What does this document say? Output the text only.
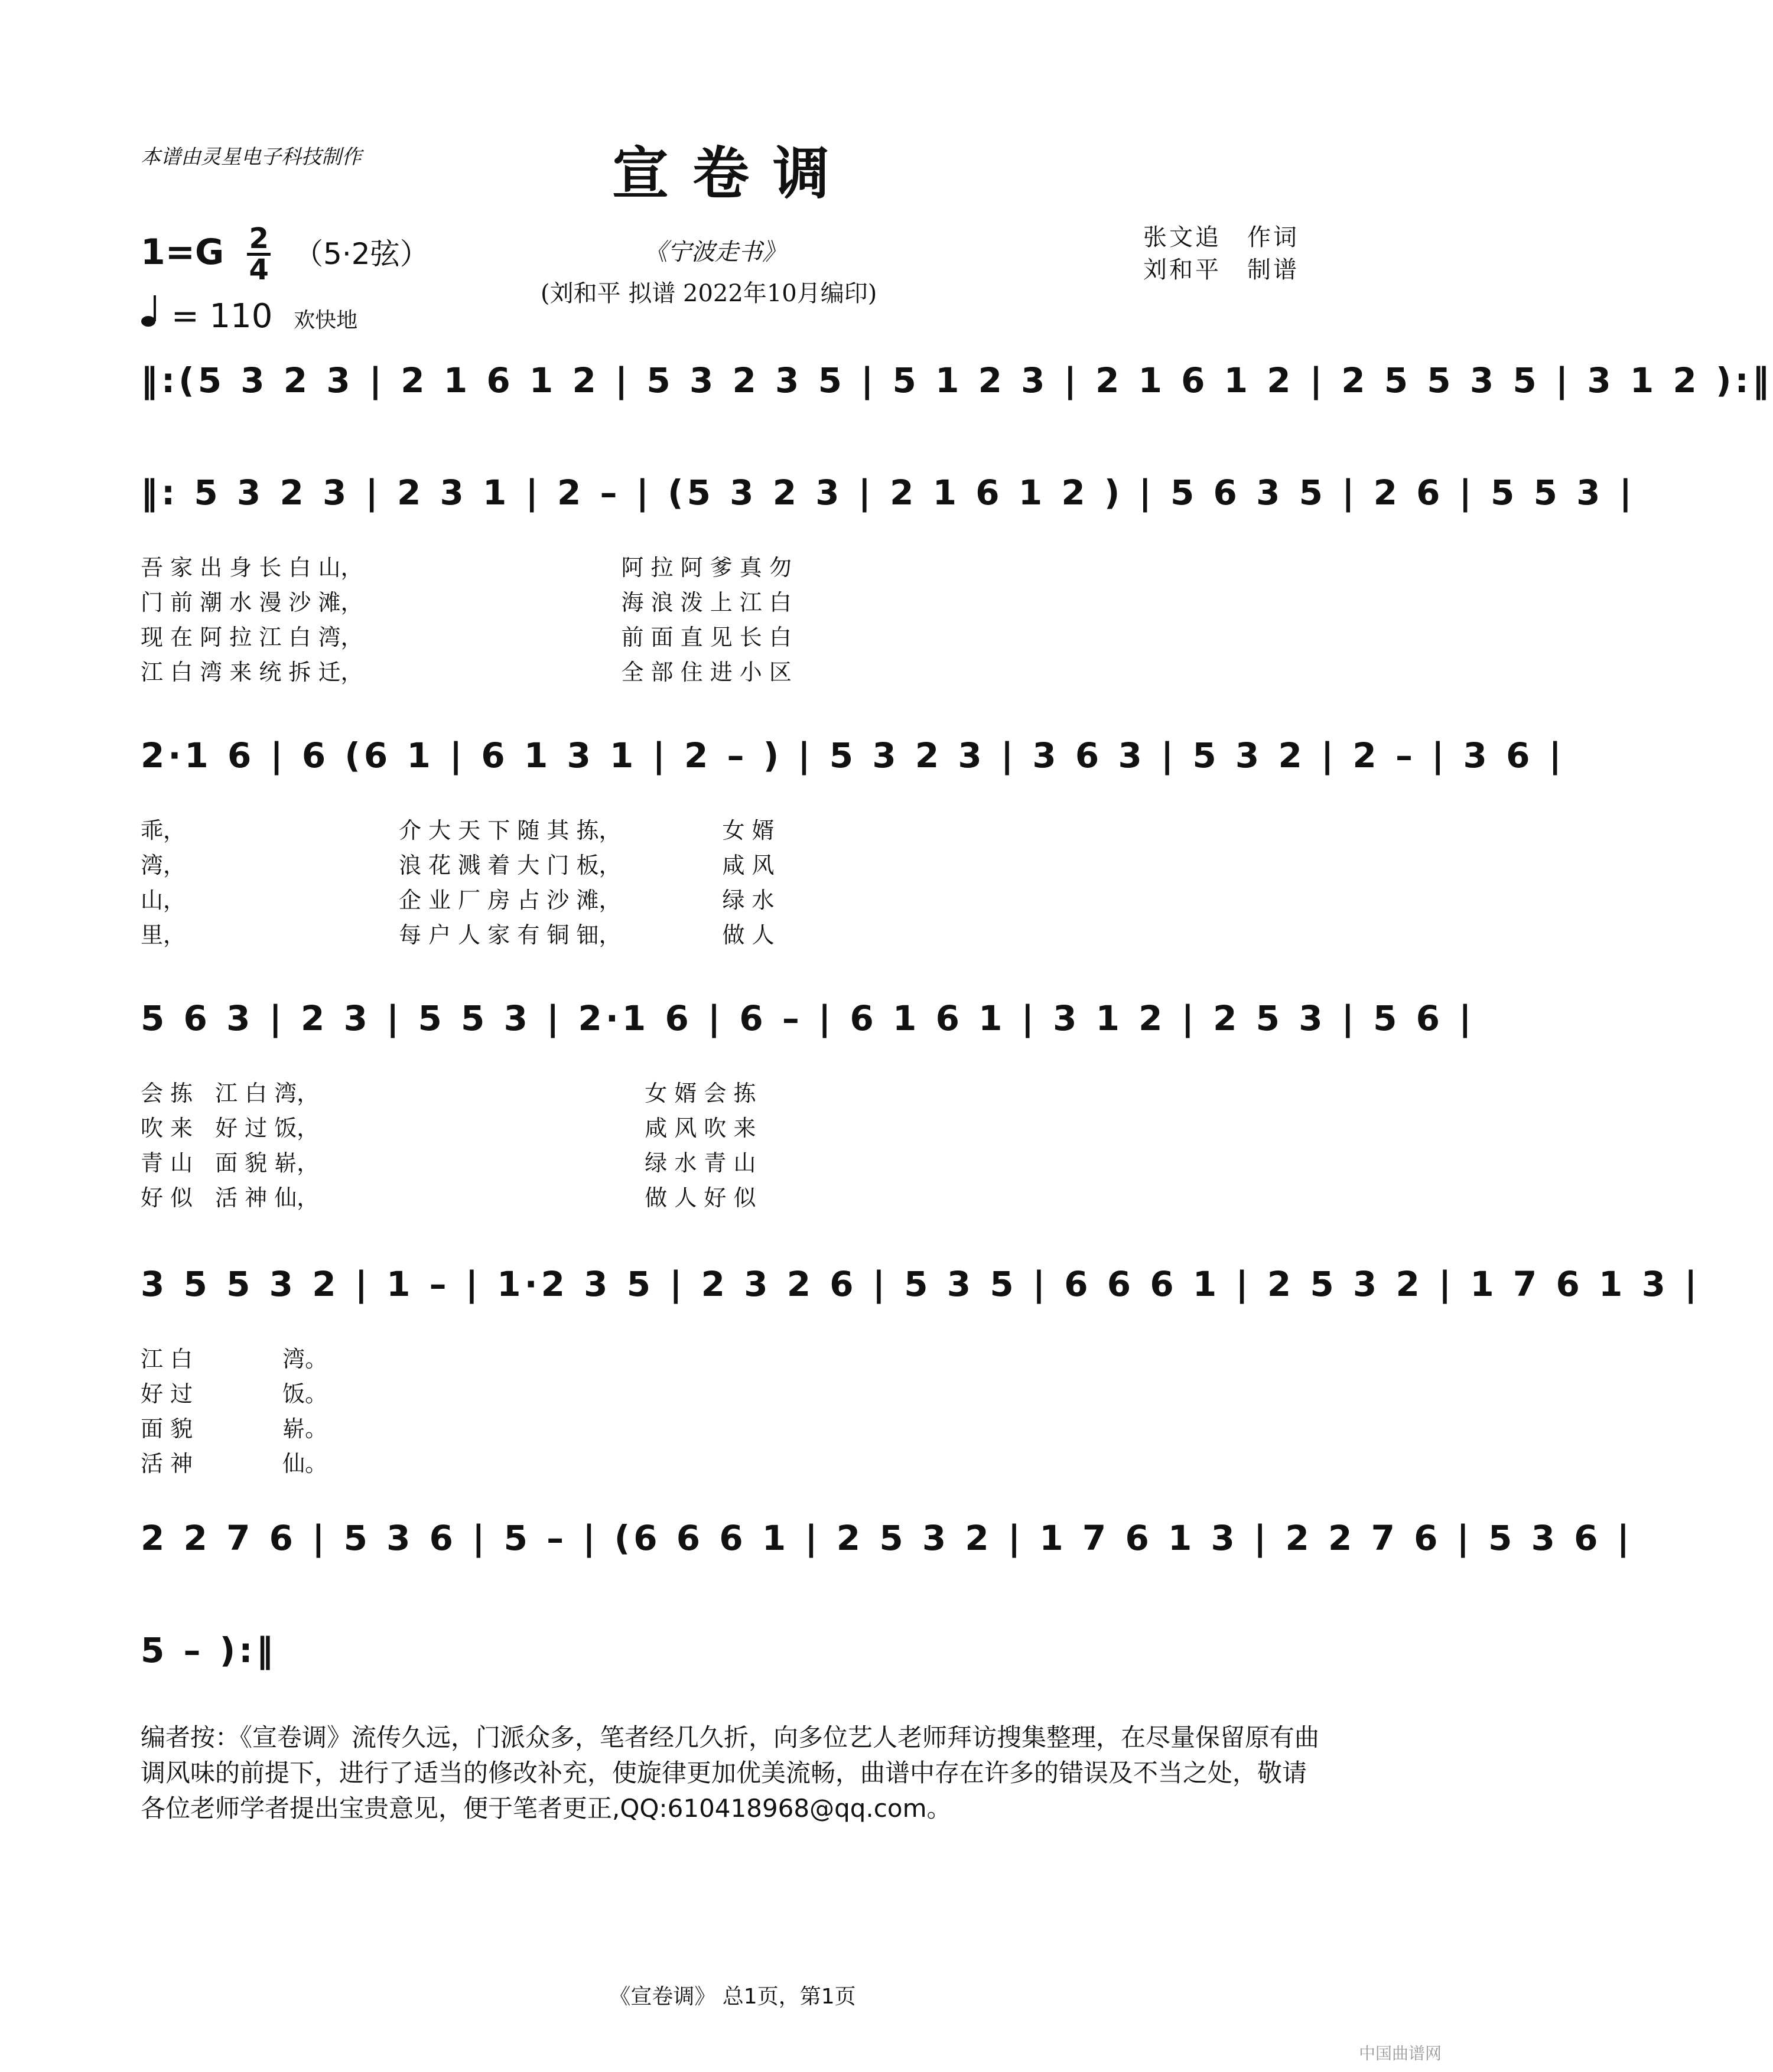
本谱由灵星电子科技制作	宣卷调
1=G 2
4 （5·2弦）
= 110 欢快地
《宁波走书》
(刘和平 拟谱 2022年10月编印)
张文追　作词
刘和平　制谱
‖:(5 3 2 3 | 2 1 6 1 2 | 5 3 2 3 5 | 5 1 2 3 | 2 1 6 1 2 | 2 5 5 3 5 | 3 1 2 ):‖
‖: 5 3 2 3 | 2 3 1 | 2 – | (5 3 2 3 | 2 1 6 1 2 ) | 5 6 3 5 | 2 6 | 5 5 3 |
吾 家 出 身 长 白 山，　　　　　　　　　　　　阿 拉 阿 爹 真 勿
门 前 潮 水 漫 沙 滩，　　　　　　　　　　　　海 浪 泼 上 江 白
现 在 阿 拉 江 白 湾，　　　　　　　　　　　　前 面 直 见 长 白
江 白 湾 来 统 拆 迁，　　　　　　　　　　　　全 部 住 进 小 区
2·1 6 | 6 (6 1 | 6 1 3 1 | 2 – ) | 5 3 2 3 | 3 6 3 | 5 3 2 | 2 – | 3 6 |
乖，　　　　　　　　　　介 大 天 下 随 其 拣，　　　　　女 婿
湾，　　　　　　　　　　浪 花 溅 着 大 门 板，　　　　　咸 风
山，　　　　　　　　　　企 业 厂 房 占 沙 滩，　　　　　绿 水
里，　　　　　　　　　　每 户 人 家 有 铜 钿，　　　　　做 人
5 6 3 | 2 3 | 5 5 3 | 2·1 6 | 6 – | 6 1 6 1 | 3 1 2 | 2 5 3 | 5 6 |
会 拣　江 白 湾，　　　　　　　　　　　　　　　女 婿 会 拣
吹 来　好 过 饭，　　　　　　　　　　　　　　　咸 风 吹 来
青 山　面 貌 崭，　　　　　　　　　　　　　　　绿 水 青 山
好 似　活 神 仙，　　　　　　　　　　　　　　　做 人 好 似
3 5 5 3 2 | 1 – | 1·2 3 5 | 2 3 2 6 | 5 3 5 | 6 6 6 1 | 2 5 3 2 | 1 7 6 1 3 |
江 白　　　　湾。
好 过　　　　饭。
面 貌　　　　崭。
活 神　　　　仙。
2 2 7 6 | 5 3 6 | 5 – | (6 6 6 1 | 2 5 3 2 | 1 7 6 1 3 | 2 2 7 6 | 5 3 6 |
5 – ):‖
编者按：《宣卷调》流传久远，门派众多，笔者经几久折，向多位艺人老师拜访搜集整理，在尽量保留原有曲调风味的前提下，进行了适当的修改补充，使旋律更加优美流畅，曲谱中存在许多的错误及不当之处，敬请各位老师学者提出宝贵意见，便于笔者更正,QQ:610418968@qq.com。
《宣卷调》 总1页，第1页
中国曲谱网
